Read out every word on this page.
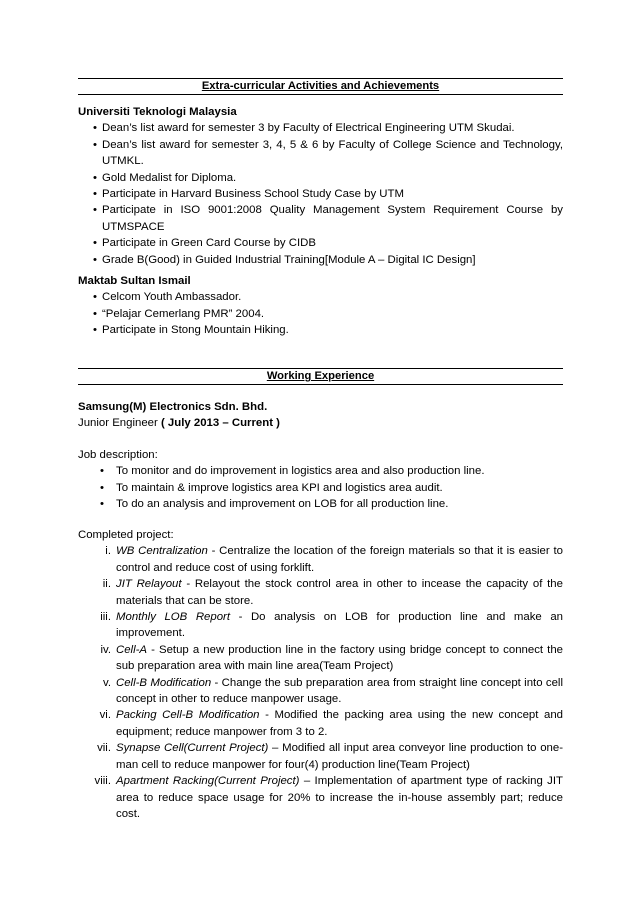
Extra-curricular Activities and Achievements

Universiti Teknologi Malaysia

• Dean’s list award for semester 3 by Faculty of Electrical Engineering UTM Skudai.
• Dean’s list award for semester 3, 4, 5 & 6 by Faculty of College Science and Technology, UTMKL.
• Gold Medalist for Diploma.
• Participate in Harvard Business School Study Case by UTM
• Participate in ISO 9001:2008 Quality Management System Requirement Course by UTMSPACE
• Participate in Green Card Course by CIDB
• Grade B(Good) in Guided Industrial Training[Module A – Digital IC Design]

Maktab Sultan Ismail

• Celcom Youth Ambassador.
• “Pelajar Cemerlang PMR” 2004.
• Participate in Stong Mountain Hiking.
Working Experience

Samsung(M) Electronics Sdn. Bhd.

Junior Engineer ( July 2013 – Current )

Job description:

• To monitor and do improvement in logistics area and also production line.
• To maintain & improve logistics area KPI and logistics area audit.
• To do an analysis and improvement on LOB for all production line.

Completed project:

i. WB Centralization - Centralize the location of the foreign materials so that it is easier to control and reduce cost of using forklift.
ii. JIT Relayout - Relayout the stock control area in other to incease the capacity of the materials that can be store.
iii. Monthly LOB Report - Do analysis on LOB for production line and make an improvement.
iv. Cell-A - Setup a new production line in the factory using bridge concept to connect the sub preparation area with main line area(Team Project)
v. Cell-B Modification - Change the sub preparation area from straight line concept into cell concept in other to reduce manpower usage.
vi. Packing Cell-B Modification - Modified the packing area using the new concept and equipment; reduce manpower from 3 to 2.
vii. Synapse Cell(Current Project) – Modified all input area conveyor line production to one-man cell to reduce manpower for four(4) production line(Team Project)
viii. Apartment Racking(Current Project) – Implementation of apartment type of racking JIT area to reduce space usage for 20% to increase the in-house assembly part; reduce cost.
